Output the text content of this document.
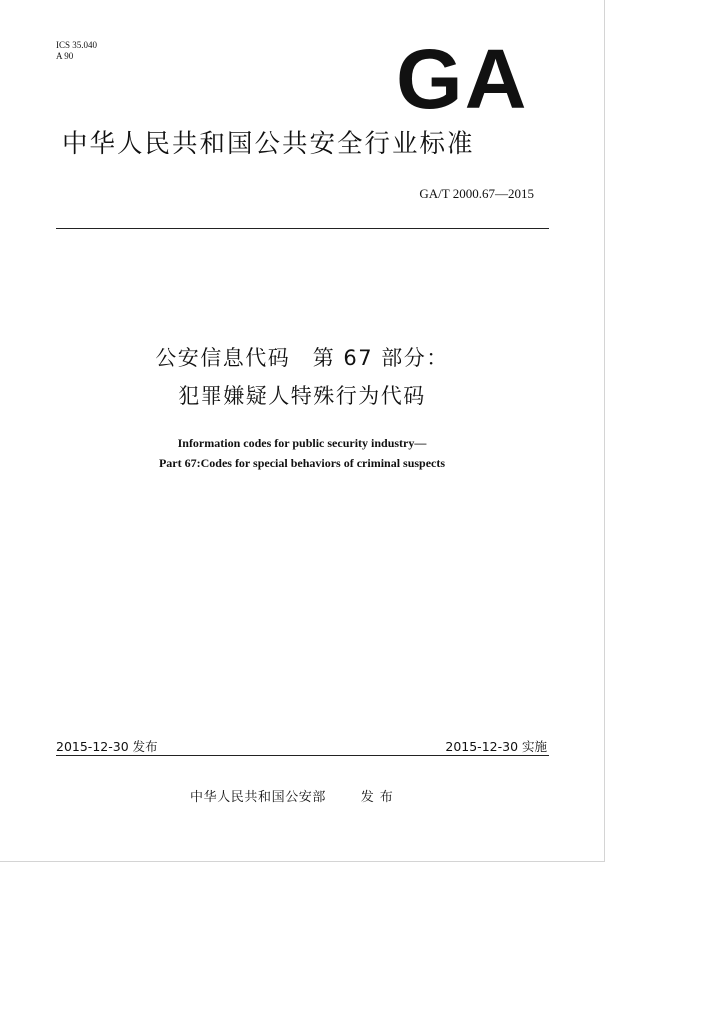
ICS 35.040
A 90	GA
中华人民共和国公共安全行业标准
GA/T 2000.67—2015
公安信息代码　第 67 部分：
犯罪嫌疑人特殊行为代码
Information codes for public security industry—
Part 67:Codes for special behaviors of criminal suspects
2015-12-30 发布	2015-12-30 实施
中华人民共和国公安部	发布
